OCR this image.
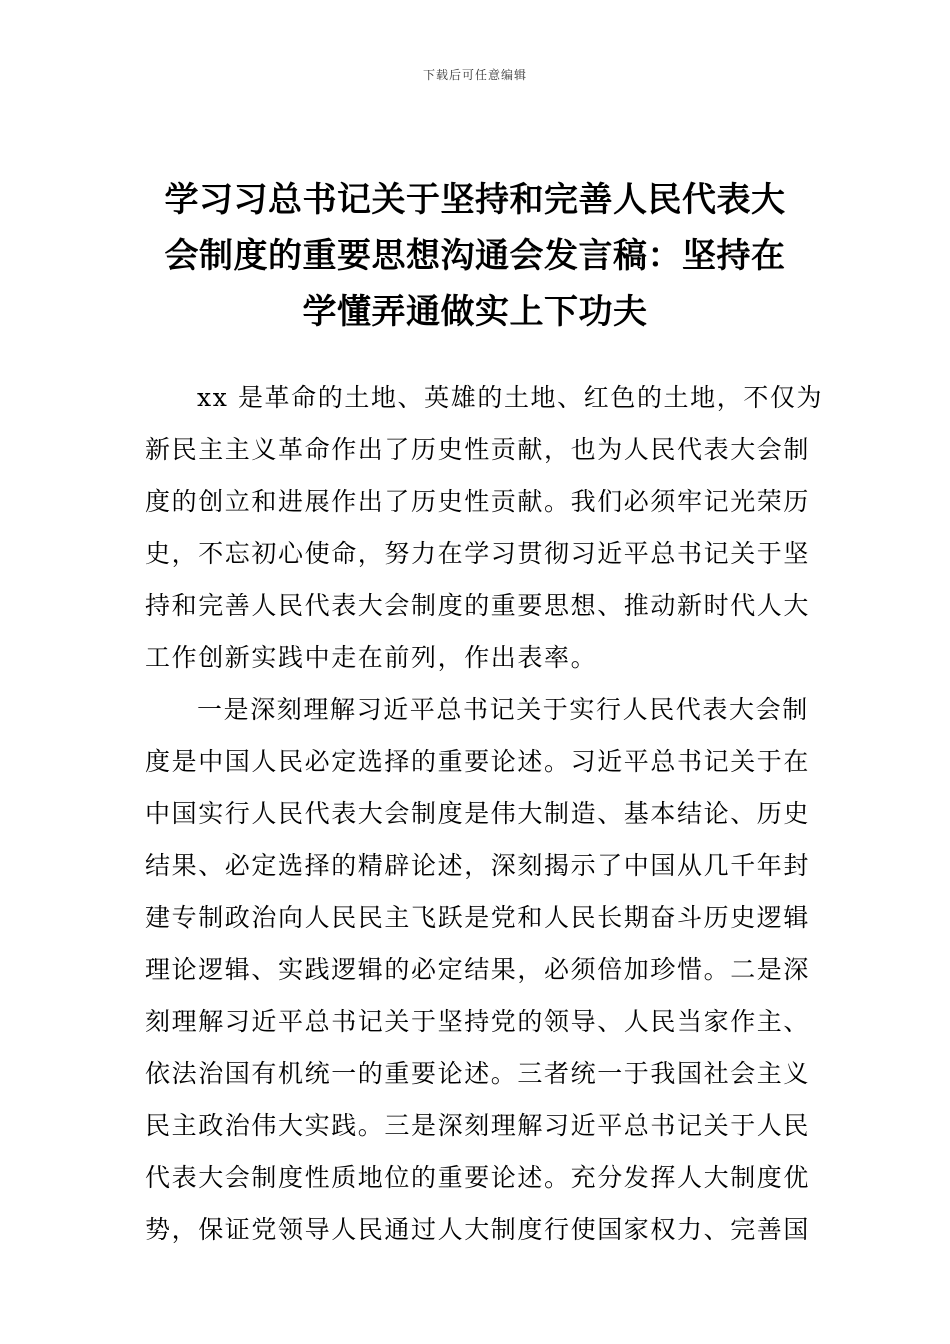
下载后可任意编辑
学习习总书记关于坚持和完善人民代表大
会制度的重要思想沟通会发言稿：坚持在
学懂弄通做实上下功夫
xx 是革命的土地、英雄的土地、红色的土地，不仅为
新民主主义革命作出了历史性贡献，也为人民代表大会制
度的创立和进展作出了历史性贡献。我们必须牢记光荣历
史，不忘初心使命，努力在学习贯彻习近平总书记关于坚
持和完善人民代表大会制度的重要思想、推动新时代人大
工作创新实践中走在前列，作出表率。
一是深刻理解习近平总书记关于实行人民代表大会制
度是中国人民必定选择的重要论述。习近平总书记关于在
中国实行人民代表大会制度是伟大制造、基本结论、历史
结果、必定选择的精辟论述，深刻揭示了中国从几千年封
建专制政治向人民民主飞跃是党和人民长期奋斗历史逻辑
理论逻辑、实践逻辑的必定结果，必须倍加珍惜。二是深
刻理解习近平总书记关于坚持党的领导、人民当家作主、
依法治国有机统一的重要论述。三者统一于我国社会主义
民主政治伟大实践。三是深刻理解习近平总书记关于人民
代表大会制度性质地位的重要论述。充分发挥人大制度优
势，保证党领导人民通过人大制度行使国家权力、完善国
